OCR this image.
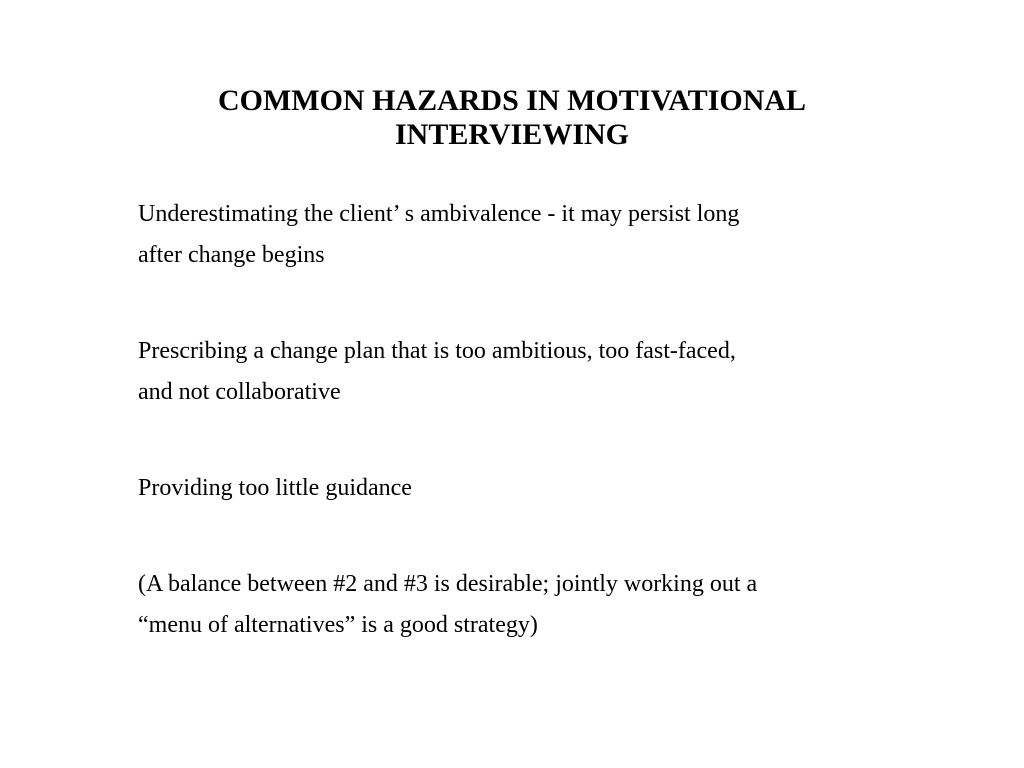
COMMON HAZARDS IN MOTIVATIONAL
INTERVIEWING

Underestimating the client’ s ambivalence - it may persist long
after change begins

Prescribing a change plan that is too ambitious, too fast-faced,
and not collaborative

Providing too little guidance

(A balance between #2 and #3 is desirable; jointly working out a
“menu of alternatives” is a good strategy)
